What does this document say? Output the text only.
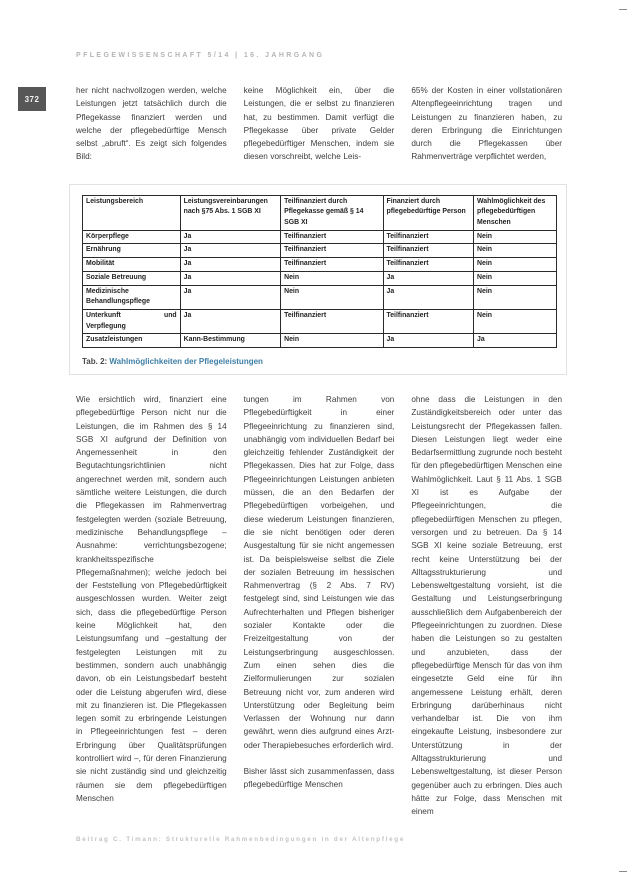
PFLEGEWISSENSCHAFT 5/14 | 16. JAHRGANG
372

her nicht nachvollzogen werden, welche Leistungen jetzt tatsächlich durch die Pflegekasse finanziert werden und welche der pflegebedürftige Mensch selbst „abruft“. Es zeigt sich folgendes Bild:

keine Möglichkeit ein, über die Leistungen, die er selbst zu finanzieren hat, zu bestimmen. Damit verfügt die Pflegekasse über private Gelder pflegebedürftiger Menschen, indem sie diesen vorschreibt, welche Leis-

65% der Kosten in einer vollstationären Altenpflegeeinrichtung tragen und Leistungen zu finanzieren haben, zu deren Erbringung die Einrichtungen durch die Pflegekassen über Rahmenverträge verpflichtet werden,

Leistungsbereich	Leistungsvereinbarungen nach §75 Abs. 1 SGB XI	Teilfinanziert durch Pflegekasse gemäß § 14 SGB XI	Finanziert durch pflegebedürftige Person	Wahlmöglichkeit des pflegebedürftigen Menschen
Körperpflege	Ja	Teilfinanziert	Teilfinanziert	Nein
Ernährung	Ja	Teilfinanziert	Teilfinanziert	Nein
Mobilität	Ja	Teilfinanziert	Teilfinanziert	Nein
Soziale Betreuung	Ja	Nein	Ja	Nein
Medizinische Behandlungspflege	Ja	Nein	Ja	Nein
Unterkunft und Verpflegung	Ja	Teilfinanziert	Teilfinanziert	Nein
Zusatzleistungen	Kann-Bestimmung	Nein	Ja	Ja
Tab. 2: Wahlmöglichkeiten der Pflegeleistungen

Wie ersichtlich wird, finanziert eine pflegebedürftige Person nicht nur die Leistungen, die im Rahmen des § 14 SGB XI aufgrund der Definition von Angemessenheit in den Begutachtungsrichtlinien nicht angerechnet werden mit, sondern auch sämtliche weitere Leistungen, die durch die Pflegekassen im Rahmenvertrag festgelegten werden (soziale Betreuung, medizinische Behandlungspflege – Ausnahme: verrichtungsbezogene; krankheitsspezifische Pflegemaßnahmen); welche jedoch bei der Feststellung von Pflegebedürftigkeit ausgeschlossen wurden. Weiter zeigt sich, dass die pflegebedürftige Person keine Möglichkeit hat, den Leistungsumfang und –gestaltung der festgelegten Leistungen mit zu bestimmen, sondern auch unabhängig davon, ob ein Leistungsbedarf besteht oder die Leistung abgerufen wird, diese mit zu finanzieren ist. Die Pflegekassen legen somit zu erbringende Leistungen in Pflegeeinrichtungen fest – deren Erbringung über Qualitätsprüfungen kontrolliert wird –, für deren Finanzierung sie nicht zuständig sind und gleichzeitig räumen sie dem pflegebedürftigen Menschen

tungen im Rahmen von Pflegebedürftigkeit in einer Pflegeeinrichtung zu finanzieren sind, unabhängig vom individuellen Bedarf bei gleichzeitig fehlender Zuständigkeit der Pflegekassen. Dies hat zur Folge, dass Pflegeeinrichtungen Leistungen anbieten müssen, die an den Bedarfen der Pflegebedürftigen vorbeigehen, und diese wiederum Leistungen finanzieren, die sie nicht benötigen oder deren Ausgestaltung für sie nicht angemessen ist. Da beispielsweise selbst die Ziele der sozialen Betreuung im hessischen Rahmenvertrag (§ 2 Abs. 7 RV) festgelegt sind, sind Leistungen wie das Aufrechterhalten und Pflegen bisheriger sozialer Kontakte oder die Freizeitgestaltung von der Leistungserbringung ausgeschlossen. Zum einen sehen dies die Zielformulierungen zur sozialen Betreuung nicht vor, zum anderen wird Unterstützung oder Begleitung beim Verlassen der Wohnung nur dann gewährt, wenn dies aufgrund eines Arzt- oder Therapiebesuches erforderlich wird.

Bisher lässt sich zusammenfassen, dass pflegebedürftige Menschen

ohne dass die Leistungen in den Zuständigkeitsbereich oder unter das Leistungsrecht der Pflegekassen fallen. Diesen Leistungen liegt weder eine Bedarfsermittlung zugrunde noch besteht für den pflegebedürftigen Menschen eine Wahlmöglichkeit. Laut § 11 Abs. 1 SGB XI ist es Aufgabe der Pflegeeinrichtungen, die pflegebedürftigen Menschen zu pflegen, versorgen und zu betreuen. Da § 14 SGB XI keine soziale Betreuung, erst recht keine Unterstützung bei der Alltagsstrukturierung und Lebensweltgestaltung vorsieht, ist die Gestaltung und Leistungserbringung ausschließlich dem Aufgabenbereich der Pflegeeinrichtungen zu zuordnen. Diese haben die Leistungen so zu gestalten und anzubieten, dass der pflegebedürftige Mensch für das von ihm eingesetzte Geld eine für ihn angemessene Leistung erhält, deren Erbringung darüberhinaus nicht verhandelbar ist. Die von ihm eingekaufte Leistung, insbesondere zur Unterstützung in der Alltagsstrukturierung und Lebensweltgestaltung, ist dieser Person gegenüber auch zu erbringen. Dies auch hätte zur Folge, dass Menschen mit einem

Beitrag C. Timann: Strukturelle Rahmenbedingungen in der Altenpflege
